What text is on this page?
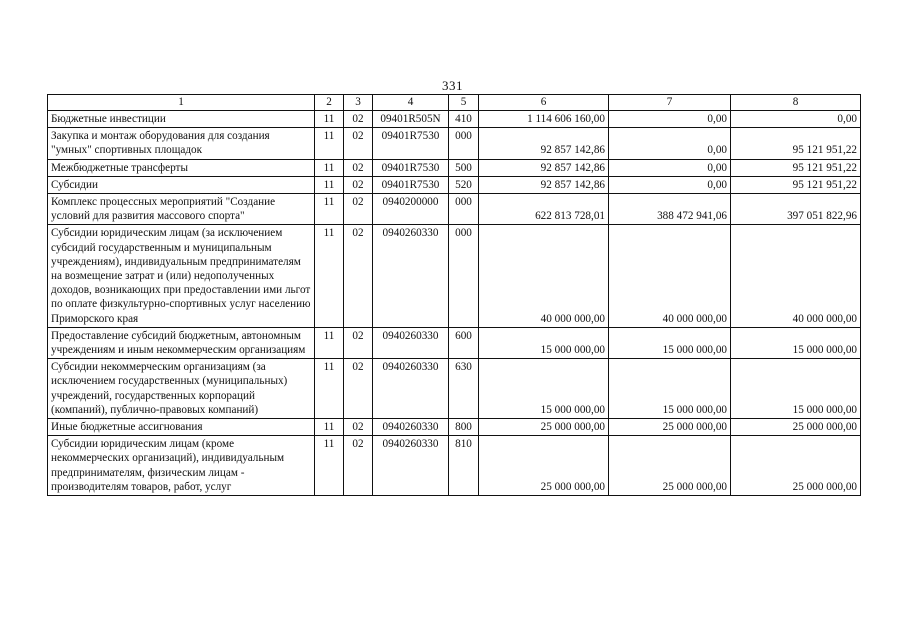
331
1	2	3	4	5	6	7	8
Бюджетные инвестиции	11	02	09401R505N	410	1 114 606 160,00	0,00	0,00
Закупка и монтаж оборудования для создания "умных" спортивных площадок	11	02	09401R7530	000	92 857 142,86	0,00	95 121 951,22
Межбюджетные трансферты	11	02	09401R7530	500	92 857 142,86	0,00	95 121 951,22
Субсидии	11	02	09401R7530	520	92 857 142,86	0,00	95 121 951,22
Комплекс процессных мероприятий "Создание условий для развития массового спорта"	11	02	0940200000	000	622 813 728,01	388 472 941,06	397 051 822,96
Субсидии юридическим лицам (за исключением субсидий государственным и муниципальным учреждениям), индивидуальным предпринимателям на возмещение затрат и (или) недополученных доходов, возникающих при предоставлении ими льгот по оплате физкультурно-спортивных услуг населению Приморского края	11	02	0940260330	000	40 000 000,00	40 000 000,00	40 000 000,00
Предоставление субсидий бюджетным, автономным учреждениям и иным некоммерческим организациям	11	02	0940260330	600	15 000 000,00	15 000 000,00	15 000 000,00
Субсидии некоммерческим организациям (за исключением государственных (муниципальных) учреждений, государственных корпораций (компаний), публично-правовых компаний)	11	02	0940260330	630	15 000 000,00	15 000 000,00	15 000 000,00
Иные бюджетные ассигнования	11	02	0940260330	800	25 000 000,00	25 000 000,00	25 000 000,00
Субсидии юридическим лицам (кроме некоммерческих организаций), индивидуальным предпринимателям, физическим лицам - производителям товаров, работ, услуг	11	02	0940260330	810	25 000 000,00	25 000 000,00	25 000 000,00
